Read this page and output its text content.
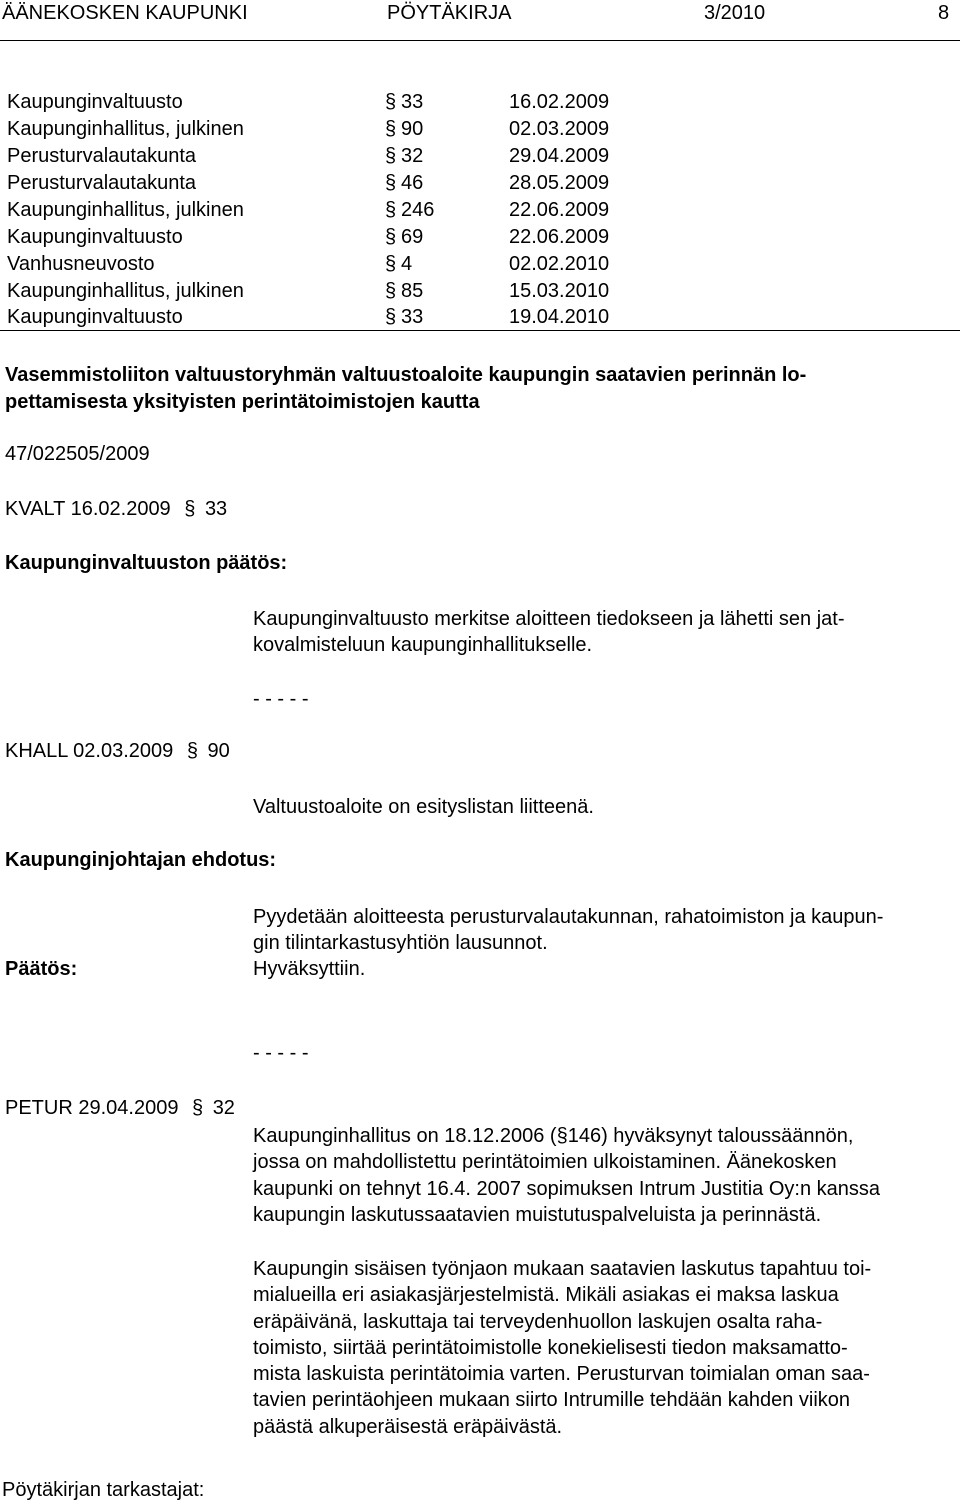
ÄÄNEKOSKEN KAUPUNKI	PÖYTÄKIRJA	3/2010	8
Kaupunginvaltuusto	§ 33	16.02.2009
Kaupunginhallitus, julkinen	§ 90	02.03.2009
Perusturvalautakunta	§ 32	29.04.2009
Perusturvalautakunta	§ 46	28.05.2009
Kaupunginhallitus, julkinen	§ 246	22.06.2009
Kaupunginvaltuusto	§ 69	22.06.2009
Vanhusneuvosto	§ 4	02.02.2010
Kaupunginhallitus, julkinen	§ 85	15.03.2010
Kaupunginvaltuusto	§ 33	19.04.2010
Vasemmistoliiton valtuustoryhmän valtuustoaloite kaupungin saatavien perinnän lo-
pettamisesta yksityisten perintätoimistojen kautta
47/022505/2009
KVALT 16.02.2009 § 33
Kaupunginvaltuuston päätös:
Kaupunginvaltuusto merkitse aloitteen tiedokseen ja lähetti sen jat-
kovalmisteluun kaupunginhallitukselle.
- - - - -
KHALL 02.03.2009 § 90
Valtuustoaloite on esityslistan liitteenä.
Kaupunginjohtajan ehdotus:
Pyydetään aloitteesta perusturvalautakunnan, rahatoimiston ja kaupun-
gin tilintarkastusyhtiön lausunnot.
Päätös:	Hyväksyttiin.
- - - - -
PETUR 29.04.2009 § 32
Kaupunginhallitus on 18.12.2006 (§146) hyväksynyt taloussäännön,
jossa on mahdollistettu perintätoimien ulkoistaminen. Äänekosken
kaupunki on tehnyt 16.4. 2007 sopimuksen Intrum Justitia Oy:n kanssa
kaupungin laskutussaatavien muistutuspalveluista ja perinnästä.
Kaupungin sisäisen työnjaon mukaan saatavien laskutus tapahtuu toi-
mialueilla eri asiakasjärjestelmistä. Mikäli asiakas ei maksa laskua
eräpäivänä, laskuttaja tai terveydenhuollon laskujen osalta raha-
toimisto, siirtää perintätoimistolle konekielisesti tiedon maksamatto-
mista laskuista perintätoimia varten. Perusturvan toimialan oman saa-
tavien perintäohjeen mukaan siirto Intrumille tehdään kahden viikon
päästä alkuperäisestä eräpäivästä.
Pöytäkirjan tarkastajat:
